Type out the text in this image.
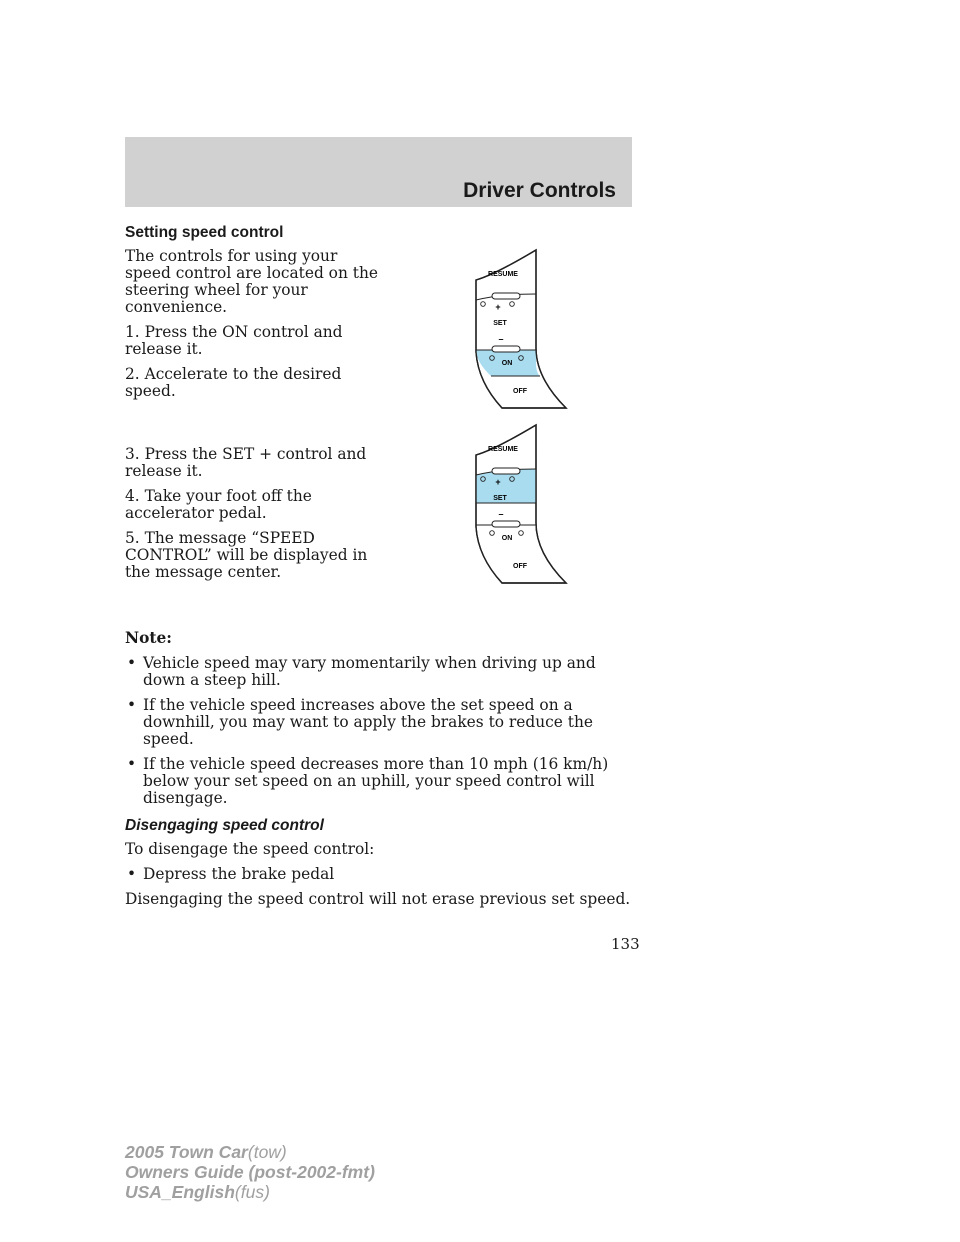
Driver Controls
Setting speed control

The controls for using your speed control are located on the steering wheel for your convenience.

1. Press the ON control and release it.

2. Accelerate to the desired speed.

3. Press the SET + control and release it.

4. Take your foot off the accelerator pedal.

5. The message “SPEED CONTROL” will be displayed in the message center.

Note:
• Vehicle speed may vary momentarily when driving up and down a steep hill.
• If the vehicle speed increases above the set speed on a downhill, you may want to apply the brakes to reduce the speed.
• If the vehicle speed decreases more than 10 mph (16 km/h) below your set speed on an uphill, your speed control will disengage.
Disengaging speed control

To disengage the speed control:

• Depress the brake pedal

Disengaging the speed control will not erase previous set speed.

RESUME
+
SET
–
ON
OFF
RESUME
+
SET
–
ON
OFF
133
2005 Town Car(tow)
Owners Guide (post-2002-fmt)
USA_English(fus)
